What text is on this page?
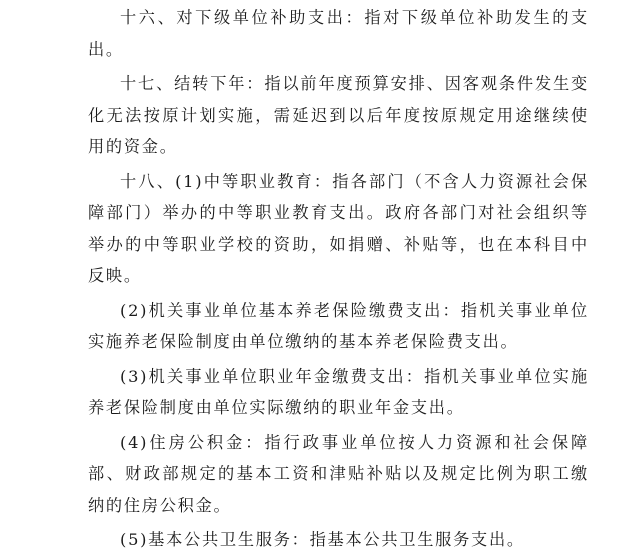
十六、对下级单位补助支出：指对下级单位补助发生的支出。

十七、结转下年：指以前年度预算安排、因客观条件发生变化无法按原计划实施，需延迟到以后年度按原规定用途继续使用的资金。

十八、(1)中等职业教育：指各部门（不含人力资源社会保障部门）举办的中等职业教育支出。政府各部门对社会组织等举办的中等职业学校的资助，如捐赠、补贴等，也在本科目中反映。

(2)机关事业单位基本养老保险缴费支出：指机关事业单位实施养老保险制度由单位缴纳的基本养老保险费支出。

(3)机关事业单位职业年金缴费支出：指机关事业单位实施养老保险制度由单位实际缴纳的职业年金支出。

(4)住房公积金：指行政事业单位按人力资源和社会保障部、财政部规定的基本工资和津贴补贴以及规定比例为职工缴纳的住房公积金。

(5)基本公共卫生服务：指基本公共卫生服务支出。
